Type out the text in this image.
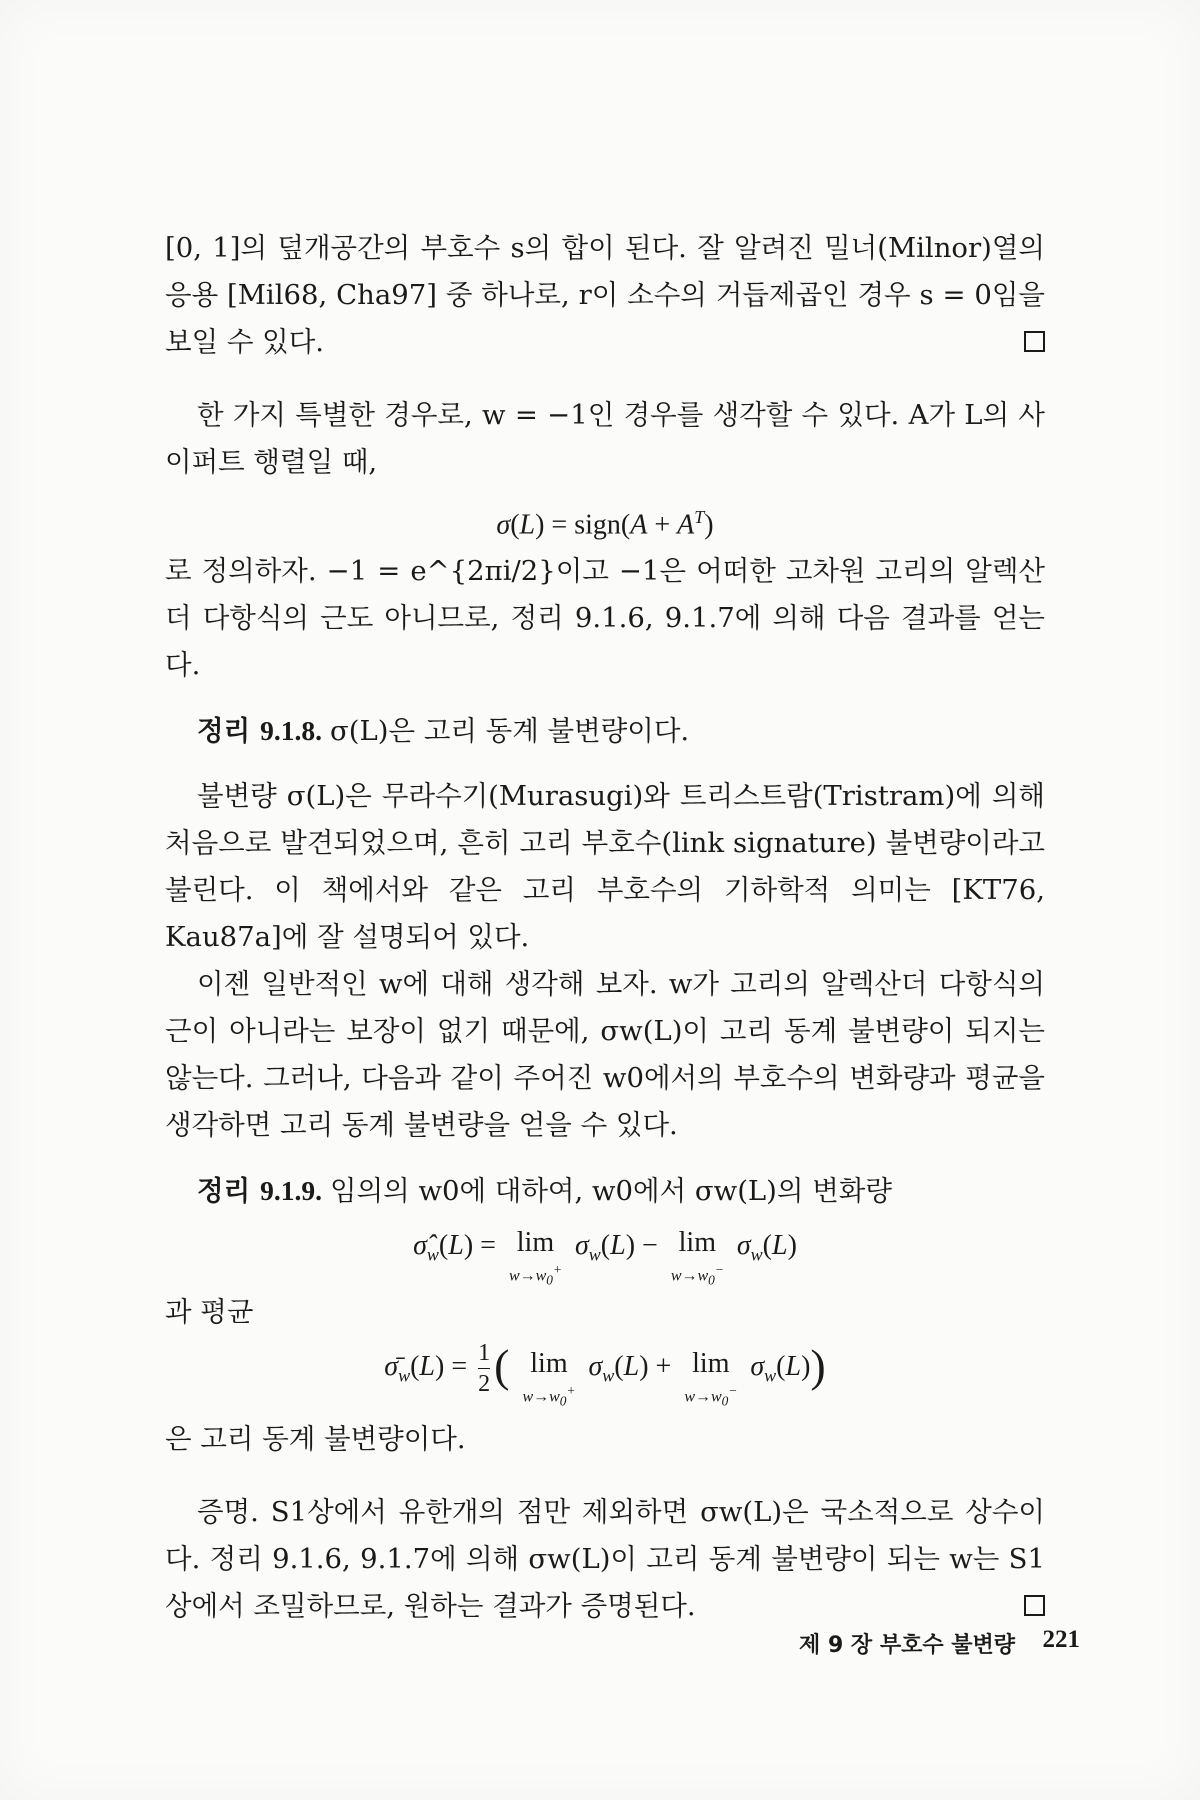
[0, 1]의 덮개공간의 부호수 s의 합이 된다. 잘 알려진 밀너(Milnor)열의 응용 [Mil68, Cha97] 중 하나로, r이 소수의 거듭제곱인 경우 s = 0임을 보일 수 있다.

한 가지 특별한 경우로, w = −1인 경우를 생각할 수 있다. A가 L의 사이퍼트 행렬일 때,

σ(L) = sign(A + $A^T$)

로 정의하자. −1 = e^{2πi/2}이고 −1은 어떠한 고차원 고리의 알렉산더 다항식의 근도 아니므로, 정리 9.1.6, 9.1.7에 의해 다음 결과를 얻는다.

정리 9.1.8. σ(L)은 고리 동계 불변량이다.

불변량 σ(L)은 무라수기(Murasugi)와 트리스트람(Tristram)에 의해 처음으로 발견되었으며, 흔히 고리 부호수(link signature) 불변량이라고 불린다. 이 책에서와 같은 고리 부호수의 기하학적 의미는 [KT76, Kau87a]에 잘 설명되어 있다.

이젠 일반적인 w에 대해 생각해 보자. w가 고리의 알렉산더 다항식의 근이 아니라는 보장이 없기 때문에, σw(L)이 고리 동계 불변량이 되지는 않는다. 그러나, 다음과 같이 주어진 w0에서의 부호수의 변화량과 평균을 생각하면 고리 동계 불변량을 얻을 수 있다.

정리 9.1.9. 임의의 w0에 대하여, w0에서 σw(L)의 변화량

$\sigmâ_w(L) = \lim$
$w\to w_0^+$
$\sigma_w(L) - \lim$
$w\to w_0^-$
$\sigma_w(L)$

과 평균

$\sigmā_w(L) = \frac{1}{2}$ ( lim
$w\to w_0^+$
$\sigma_w(L) + \lim$
$w\to w_0^-$
$\sigma_w(L)$)

은 고리 동계 불변량이다.

증명. S1상에서 유한개의 점만 제외하면 σw(L)은 국소적으로 상수이다. 정리 9.1.6, 9.1.7에 의해 σw(L)이 고리 동계 불변량이 되는 w는 S1상에서 조밀하므로, 원하는 결과가 증명된다.

제 9 장 부호수 불변량 221
